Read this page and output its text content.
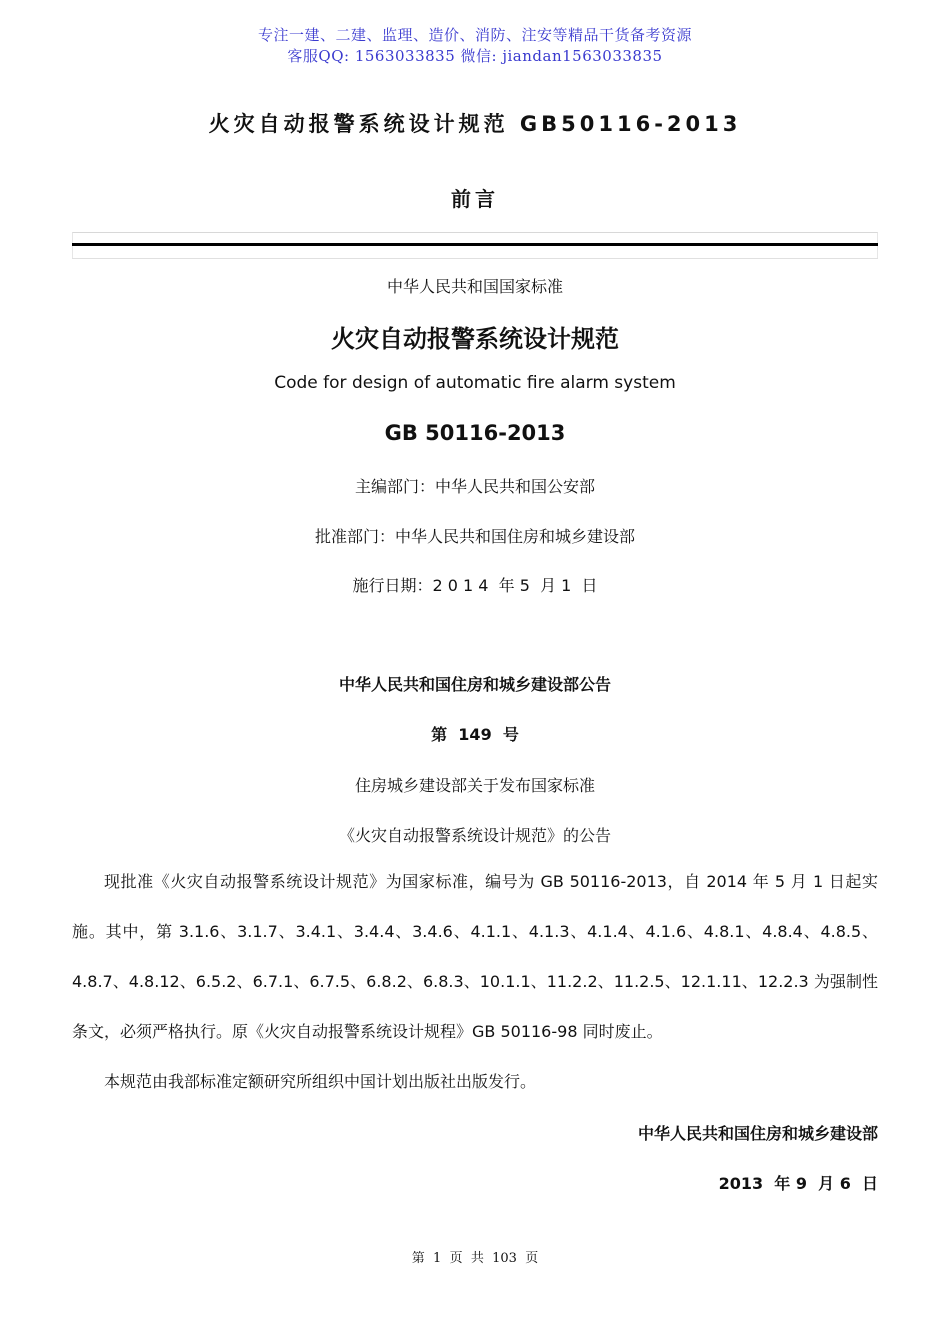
专注一建、二建、监理、造价、消防、注安等精品干货备考资源
客服QQ: 1563033835 微信: jiandan1563033835
火灾自动报警系统设计规范 GB50116-2013
前言
中华人民共和国国家标准
火灾自动报警系统设计规范
Code for design of automatic fire alarm system
GB 50116-2013
主编部门：中华人民共和国公安部
批准部门：中华人民共和国住房和城乡建设部
施行日期：2 0 1 4  年 5  月 1  日
中华人民共和国住房和城乡建设部公告
第  149  号
住房城乡建设部关于发布国家标准
《火灾自动报警系统设计规范》的公告

现批准《火灾自动报警系统设计规范》为国家标准，编号为 GB 50116-2013，自 2014 年 5 月 1 日起实施。其中，第 3.1.6、3.1.7、3.4.1、3.4.4、3.4.6、4.1.1、4.1.3、4.1.4、4.1.6、4.8.1、4.8.4、4.8.5、4.8.7、4.8.12、6.5.2、6.7.1、6.7.5、6.8.2、6.8.3、10.1.1、11.2.2、11.2.5、12.1.11、12.2.3 为强制性条文，必须严格执行。原《火灾自动报警系统设计规程》GB 50116-98 同时废止。

本规范由我部标准定额研究所组织中国计划出版社出版发行。

中华人民共和国住房和城乡建设部
2013  年 9  月 6  日
第  1  页  共  103  页
